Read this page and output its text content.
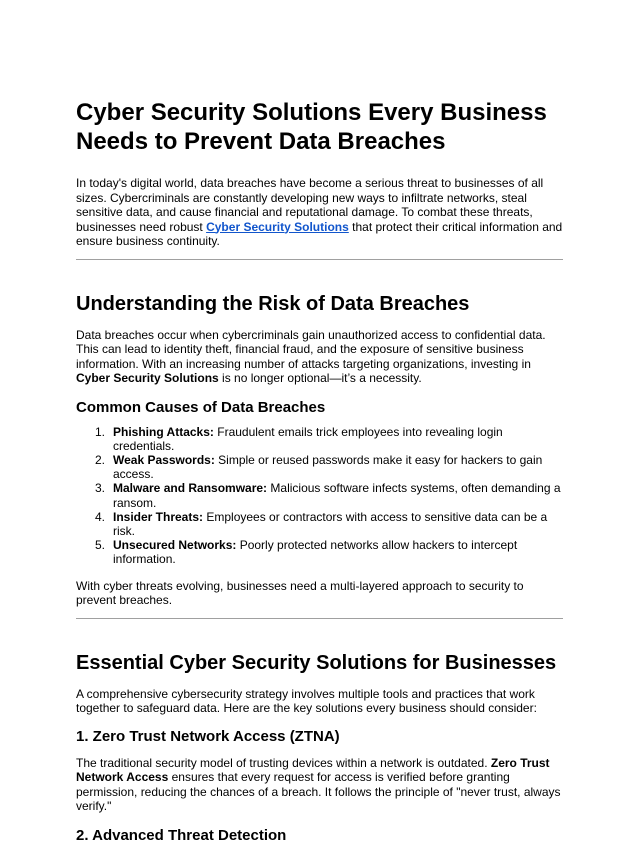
Cyber Security Solutions Every Business Needs to Prevent Data Breaches

In today's digital world, data breaches have become a serious threat to businesses of all sizes. Cybercriminals are constantly developing new ways to infiltrate networks, steal sensitive data, and cause financial and reputational damage. To combat these threats, businesses need robust Cyber Security Solutions that protect their critical information and ensure business continuity.

Understanding the Risk of Data Breaches

Data breaches occur when cybercriminals gain unauthorized access to confidential data. This can lead to identity theft, financial fraud, and the exposure of sensitive business information. With an increasing number of attacks targeting organizations, investing in Cyber Security Solutions is no longer optional—it’s a necessity.

Common Causes of Data Breaches
1. Phishing Attacks: Fraudulent emails trick employees into revealing login credentials.
2. Weak Passwords: Simple or reused passwords make it easy for hackers to gain access.
3. Malware and Ransomware: Malicious software infects systems, often demanding a ransom.
4. Insider Threats: Employees or contractors with access to sensitive data can be a risk.
5. Unsecured Networks: Poorly protected networks allow hackers to intercept information.

With cyber threats evolving, businesses need a multi-layered approach to security to prevent breaches.

Essential Cyber Security Solutions for Businesses

A comprehensive cybersecurity strategy involves multiple tools and practices that work together to safeguard data. Here are the key solutions every business should consider:

1. Zero Trust Network Access (ZTNA)

The traditional security model of trusting devices within a network is outdated. Zero Trust Network Access ensures that every request for access is verified before granting permission, reducing the chances of a breach. It follows the principle of "never trust, always verify."

2. Advanced Threat Detection
